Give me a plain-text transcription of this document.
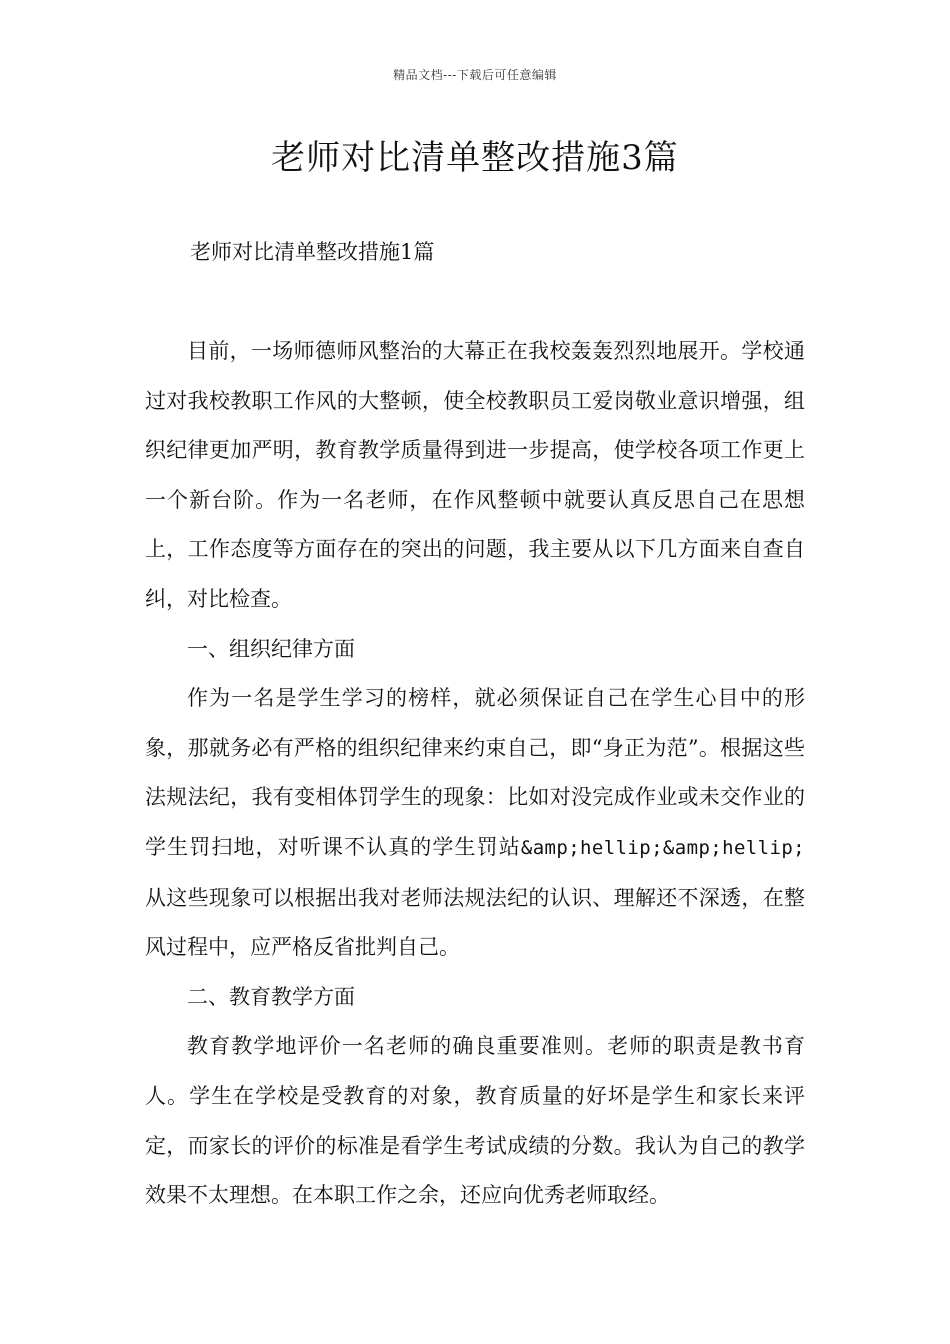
精品文档---下载后可任意编辑
老师对比清单整改措施3篇
老师对比清单整改措施1篇

目前，一场师德师风整治的大幕正在我校轰轰烈烈地展开。学校通过对我校教职工作风的大整顿，使全校教职员工爱岗敬业意识增强，组织纪律更加严明，教育教学质量得到进一步提高，使学校各项工作更上一个新台阶。作为一名老师，在作风整顿中就要认真反思自己在思想上，工作态度等方面存在的突出的问题，我主要从以下几方面来自查自纠，对比检查。

一、组织纪律方面

作为一名是学生学习的榜样，就必须保证自己在学生心目中的形象，那就务必有严格的组织纪律来约束自己，即“身正为范”。根据这些法规法纪，我有变相体罚学生的现象：比如对没完成作业或未交作业的学生罚扫地，对听课不认真的学生罚站&amp;hellip;&amp;hellip;从这些现象可以根据出我对老师法规法纪的认识、理解还不深透，在整风过程中，应严格反省批判自己。

二、教育教学方面

教育教学地评价一名老师的确良重要准则。老师的职责是教书育人。学生在学校是受教育的对象，教育质量的好坏是学生和家长来评定，而家长的评价的标准是看学生考试成绩的分数。我认为自己的教学效果不太理想。在本职工作之余，还应向优秀老师取经。
